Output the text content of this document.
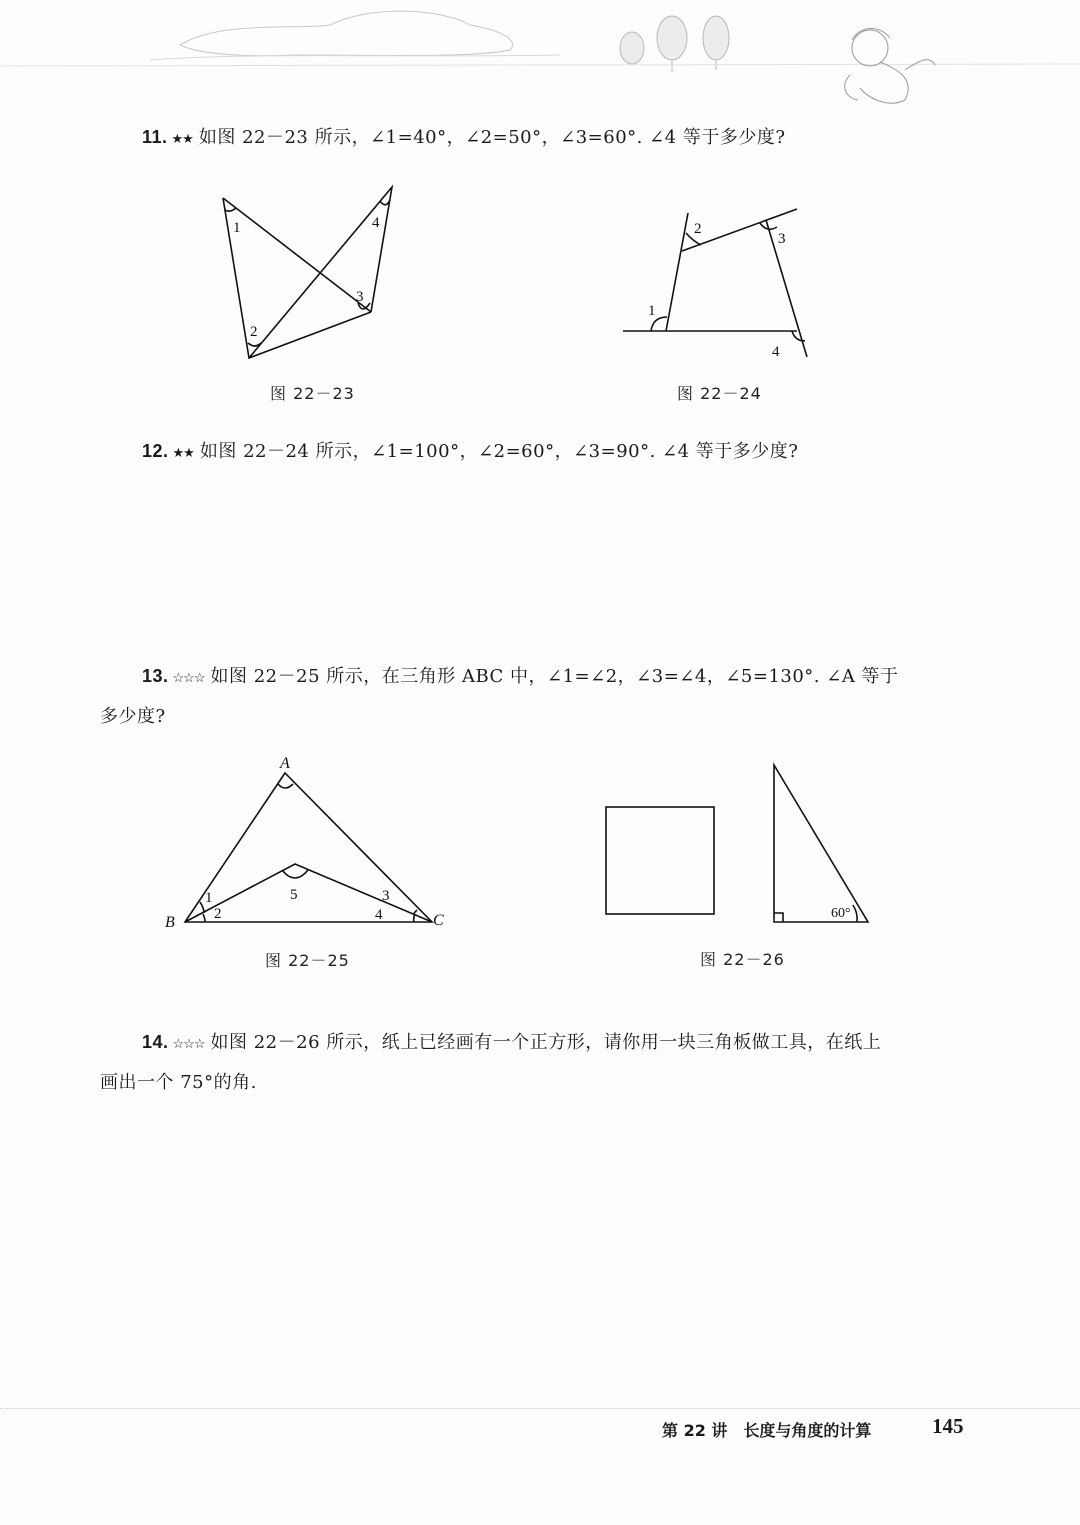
11. ★★ 如图 22－23 所示，∠1=40°，∠2=50°，∠3=60°. ∠4 等于多少度?
1
2
3
4
图 22－23
1
2
3
4
图 22－24
12. ★★ 如图 22－24 所示，∠1=100°，∠2=60°，∠3=90°. ∠4 等于多少度?
13. ☆☆☆ 如图 22－25 所示，在三角形 ABC 中，∠1=∠2，∠3=∠4，∠5=130°. ∠A 等于
多少度?
A
B	C
1
2
3
4
5
图 22－25
60°
图 22－26
14. ☆☆☆ 如图 22－26 所示，纸上已经画有一个正方形，请你用一块三角板做工具，在纸上
画出一个 75°的角.
第 22 讲　长度与角度的计算	145
